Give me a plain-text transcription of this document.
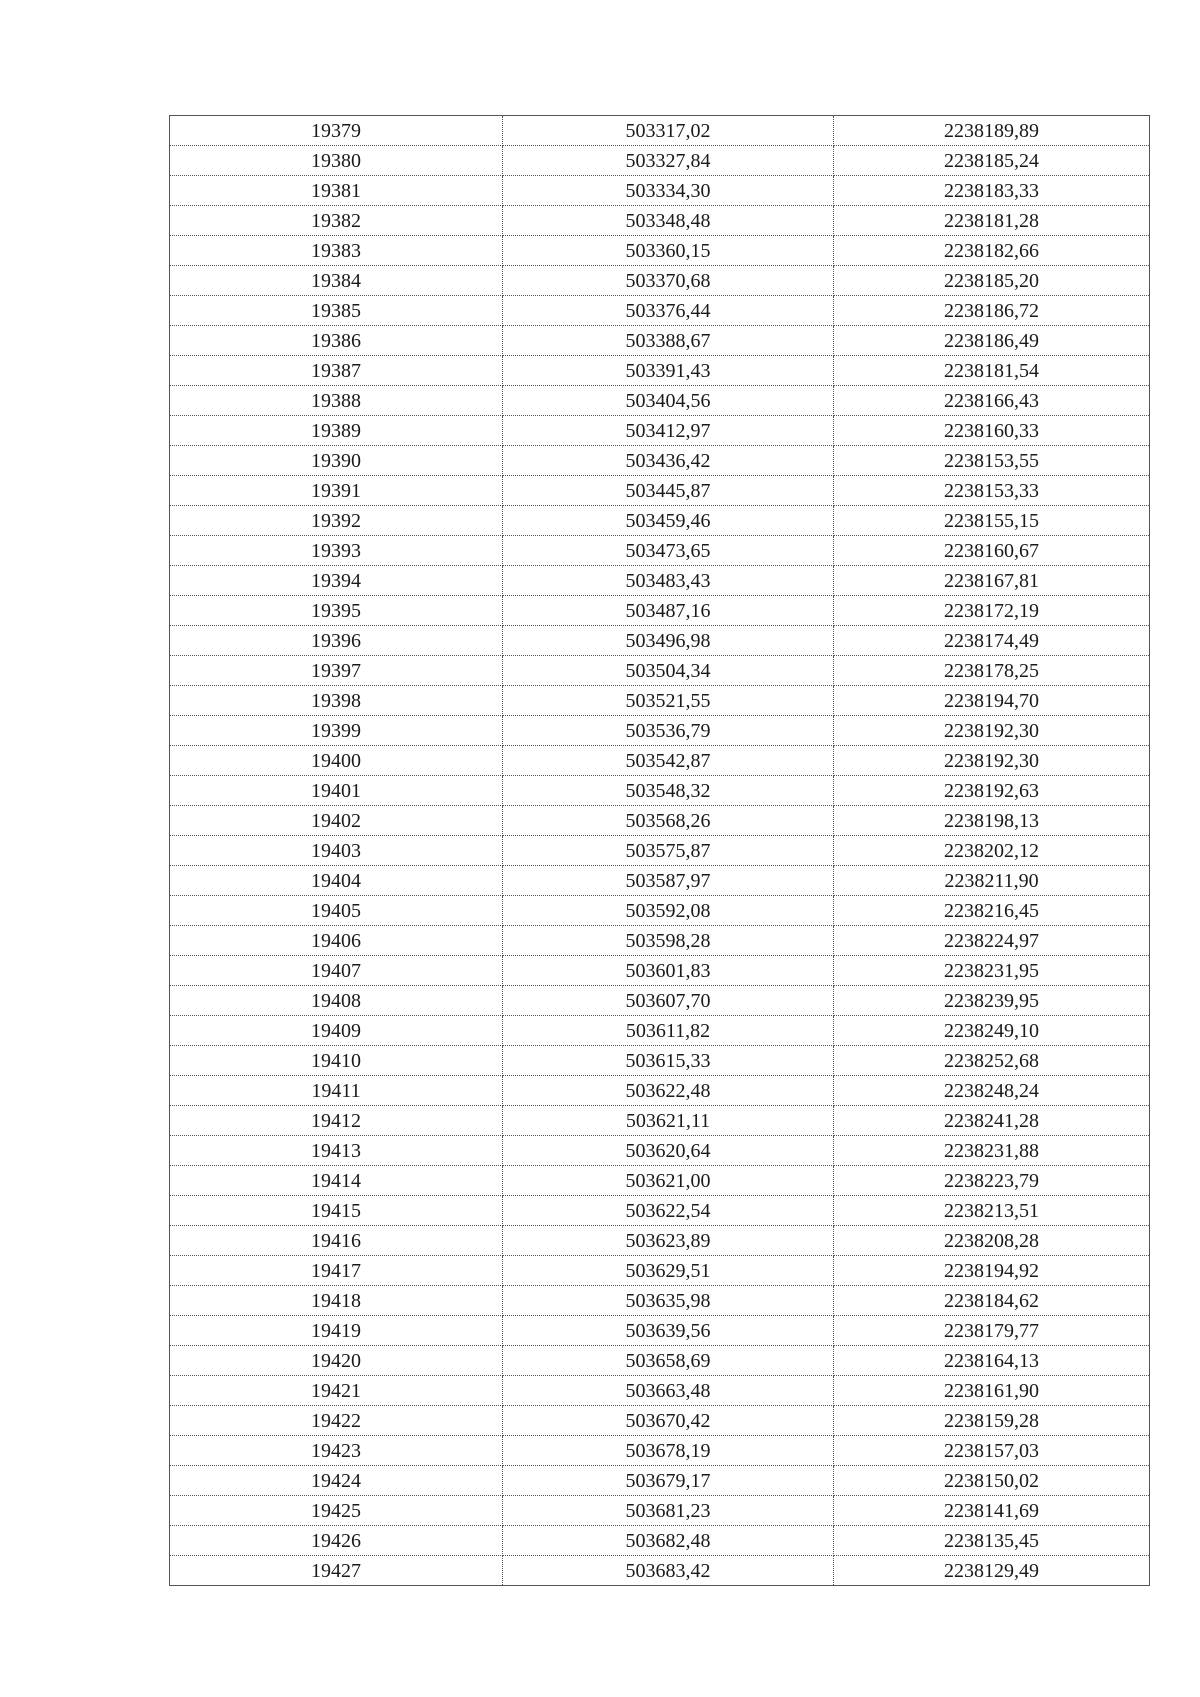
19379	503317,02	2238189,89
19380	503327,84	2238185,24
19381	503334,30	2238183,33
19382	503348,48	2238181,28
19383	503360,15	2238182,66
19384	503370,68	2238185,20
19385	503376,44	2238186,72
19386	503388,67	2238186,49
19387	503391,43	2238181,54
19388	503404,56	2238166,43
19389	503412,97	2238160,33
19390	503436,42	2238153,55
19391	503445,87	2238153,33
19392	503459,46	2238155,15
19393	503473,65	2238160,67
19394	503483,43	2238167,81
19395	503487,16	2238172,19
19396	503496,98	2238174,49
19397	503504,34	2238178,25
19398	503521,55	2238194,70
19399	503536,79	2238192,30
19400	503542,87	2238192,30
19401	503548,32	2238192,63
19402	503568,26	2238198,13
19403	503575,87	2238202,12
19404	503587,97	2238211,90
19405	503592,08	2238216,45
19406	503598,28	2238224,97
19407	503601,83	2238231,95
19408	503607,70	2238239,95
19409	503611,82	2238249,10
19410	503615,33	2238252,68
19411	503622,48	2238248,24
19412	503621,11	2238241,28
19413	503620,64	2238231,88
19414	503621,00	2238223,79
19415	503622,54	2238213,51
19416	503623,89	2238208,28
19417	503629,51	2238194,92
19418	503635,98	2238184,62
19419	503639,56	2238179,77
19420	503658,69	2238164,13
19421	503663,48	2238161,90
19422	503670,42	2238159,28
19423	503678,19	2238157,03
19424	503679,17	2238150,02
19425	503681,23	2238141,69
19426	503682,48	2238135,45
19427	503683,42	2238129,49
